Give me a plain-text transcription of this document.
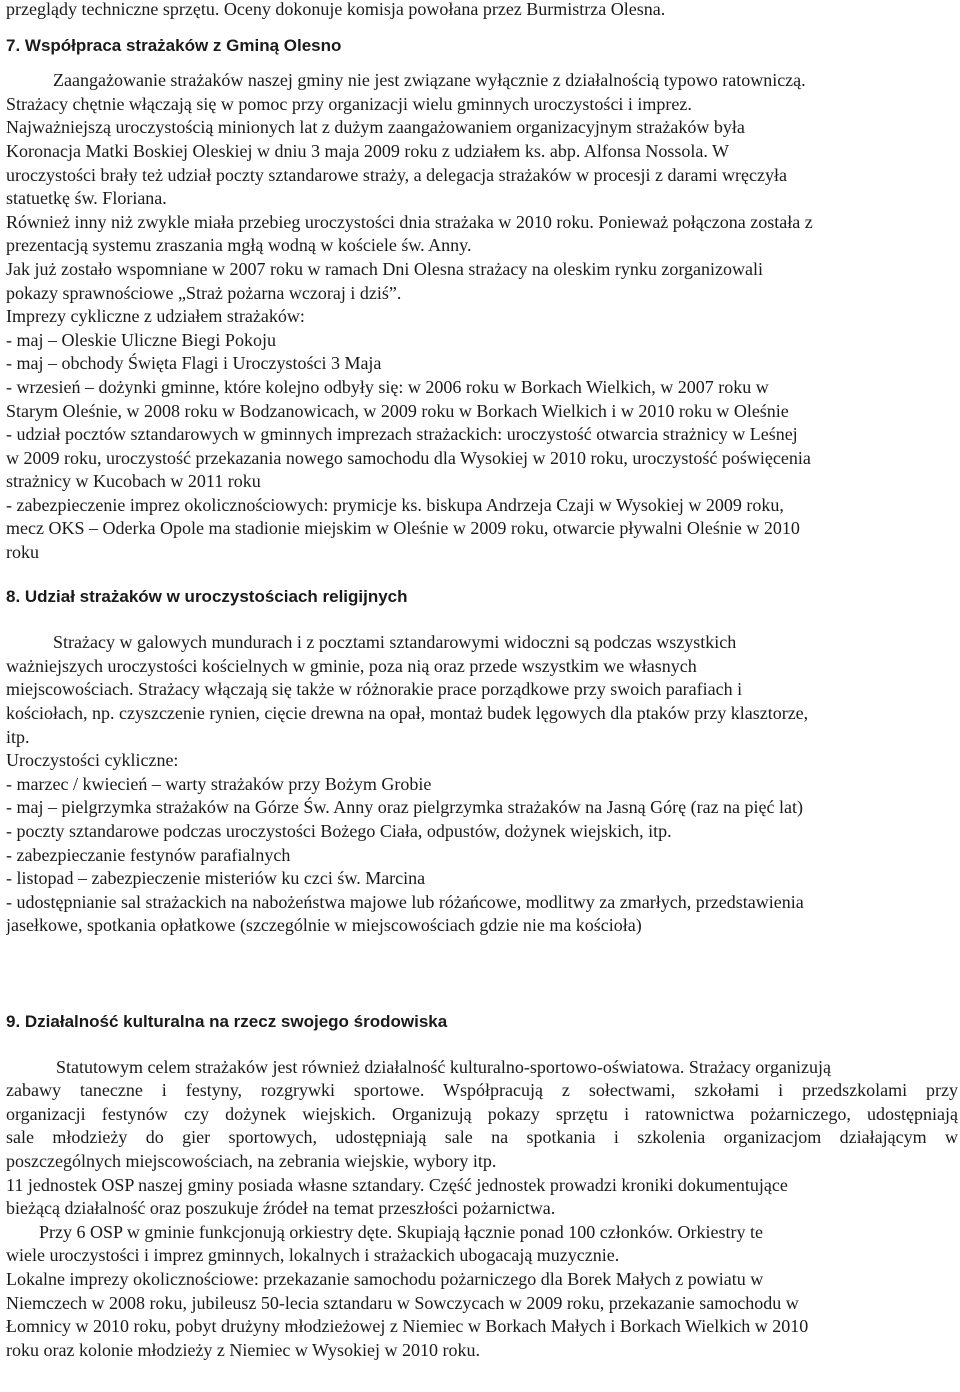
przeglądy techniczne sprzętu. Oceny dokonuje komisja powołana przez Burmistrza Olesna.
7. Współpraca strażaków z Gminą Olesno
Zaangażowanie strażaków naszej gminy nie jest związane wyłącznie z działalnością typowo ratowniczą.
Strażacy chętnie włączają się w pomoc przy organizacji wielu gminnych uroczystości i imprez.
Najważniejszą uroczystością minionych lat z dużym zaangażowaniem organizacyjnym strażaków była
Koronacja Matki Boskiej Oleskiej w dniu 3 maja 2009 roku z udziałem ks. abp. Alfonsa Nossola. W
uroczystości brały też udział poczty sztandarowe straży, a delegacja strażaków w procesji z darami wręczyła
statuetkę św. Floriana.
Również inny niż zwykle miała przebieg uroczystości dnia strażaka w 2010 roku. Ponieważ połączona została z
prezentacją systemu zraszania mgłą wodną w kościele św. Anny.
Jak już zostało wspomniane w 2007 roku w ramach Dni Olesna strażacy na oleskim rynku zorganizowali
pokazy sprawnościowe „Straż pożarna wczoraj i dziś”.
Imprezy cykliczne z udziałem strażaków:
- maj – Oleskie Uliczne Biegi Pokoju
- maj – obchody Święta Flagi i Uroczystości 3 Maja
- wrzesień – dożynki gminne, które kolejno odbyły się: w 2006 roku w Borkach Wielkich, w 2007 roku w
Starym Oleśnie, w 2008 roku w Bodzanowicach, w 2009 roku w Borkach Wielkich i w 2010 roku w Oleśnie
- udział pocztów sztandarowych w gminnych imprezach strażackich: uroczystość otwarcia strażnicy w Leśnej
w 2009 roku, uroczystość przekazania nowego samochodu dla Wysokiej w 2010 roku, uroczystość poświęcenia
strażnicy w Kucobach w 2011 roku
- zabezpieczenie imprez okolicznościowych: prymicje ks. biskupa Andrzeja Czaji w Wysokiej w 2009 roku,
mecz OKS – Oderka Opole ma stadionie miejskim w Oleśnie w 2009 roku, otwarcie pływalni Oleśnie w 2010
roku
8. Udział strażaków w uroczystościach religijnych
Strażacy w galowych mundurach i z pocztami sztandarowymi widoczni są podczas wszystkich
ważniejszych uroczystości kościelnych w gminie, poza nią oraz przede wszystkim we własnych
miejscowościach. Strażacy włączają się także w różnorakie prace porządkowe przy swoich parafiach i
kościołach, np. czyszczenie rynien, cięcie drewna na opał, montaż budek lęgowych dla ptaków przy klasztorze,
itp.
Uroczystości cykliczne:
- marzec / kwiecień – warty strażaków przy Bożym Grobie
- maj – pielgrzymka strażaków na Górze Św. Anny oraz pielgrzymka strażaków na Jasną Górę (raz na pięć lat)
- poczty sztandarowe podczas uroczystości Bożego Ciała, odpustów, dożynek wiejskich, itp.
- zabezpieczanie festynów parafialnych
- listopad – zabezpieczenie misteriów ku czci św. Marcina
- udostępnianie sal strażackich na nabożeństwa majowe lub różańcowe, modlitwy za zmarłych, przedstawienia
jasełkowe, spotkania opłatkowe (szczególnie w miejscowościach gdzie nie ma kościoła)
9. Działalność kulturalna na rzecz swojego środowiska
Statutowym celem strażaków jest również działalność kulturalno-sportowo-oświatowa. Strażacy organizują
zabawy taneczne i festyny, rozgrywki sportowe. Współpracują z sołectwami, szkołami i przedszkolami przy
organizacji festynów czy dożynek wiejskich. Organizują pokazy sprzętu i ratownictwa pożarniczego, udostępniają
sale młodzieży do gier sportowych, udostępniają sale na spotkania i szkolenia organizacjom działającym w
poszczególnych miejscowościach, na zebrania wiejskie, wybory itp.
11 jednostek OSP naszej gminy posiada własne sztandary. Część jednostek prowadzi kroniki dokumentujące
bieżącą działalność oraz poszukuje źródeł na temat przeszłości pożarnictwa.
Przy 6 OSP w gminie funkcjonują orkiestry dęte. Skupiają łącznie ponad 100 członków. Orkiestry te
wiele uroczystości i imprez gminnych, lokalnych i strażackich ubogacają muzycznie.
Lokalne imprezy okolicznościowe: przekazanie samochodu pożarniczego dla Borek Małych z powiatu w
Niemczech w 2008 roku, jubileusz 50-lecia sztandaru w Sowczycach w 2009 roku, przekazanie samochodu w
Łomnicy w 2010 roku, pobyt drużyny młodzieżowej z Niemiec w Borkach Małych i Borkach Wielkich w 2010
roku oraz kolonie młodzieży z Niemiec w Wysokiej w 2010 roku.
